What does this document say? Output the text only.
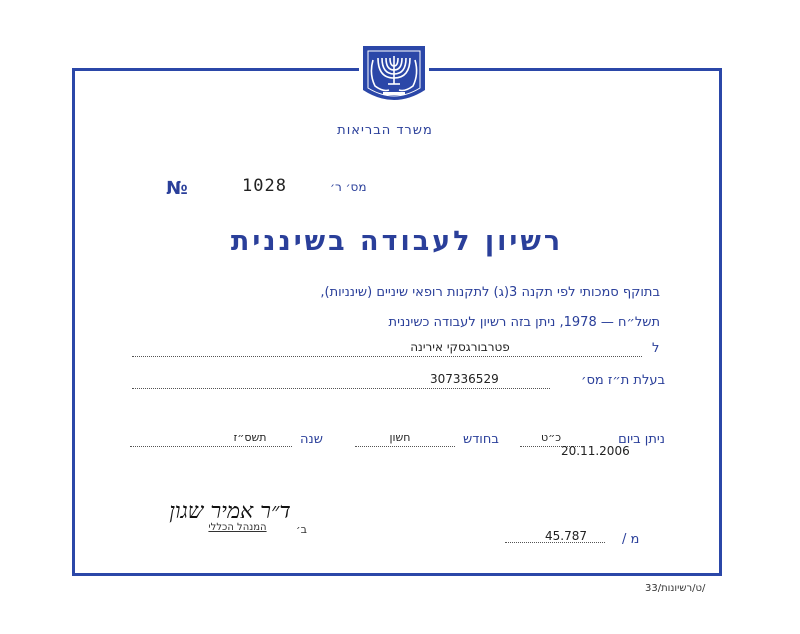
משרד הבריאות
№	1028	מס׳ ר׳
רשיון לעבודה בשיננית
בתוקף סמכותי לפי תקנה 3(ג) לתקנות רופאי שיניים (שינניות),
תשל״ח — 1978, ניתן בזה רשיון לעבודה כשיננית
ל
פטרבורגסקי אירינה
בעלת ת״ז מס׳
307336529
ניתן ביום
כ״ט
בחודש
חשון
שנה
תשס״ז
20.11.2006
ד״ר אמיר שגון
ב׳
המנהל הכללי
45.787	מ /
ט/רשיונות/33/
